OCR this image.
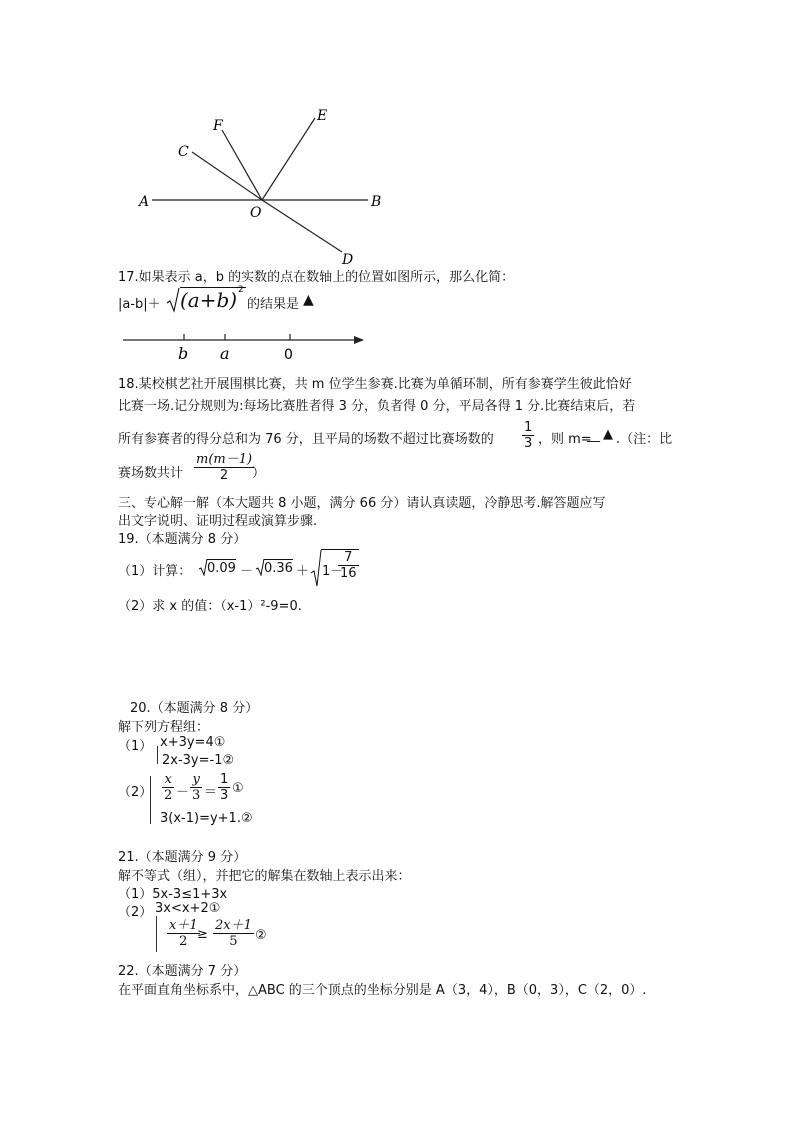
A	B
C
F
E
O
D
17.如果表示 a，b 的实数的点在数轴上的位置如图所示，那么化简：
|a-b|＋ (a+b) 2
的结果是 ▲
b a	0
18.某校棋艺社开展围棋比赛，共 m 位学生参赛.比赛为单循环制，所有参赛学生彼此恰好
比赛一场.记分规则为:每场比赛胜者得 3 分，负者得 0 分，平局各得 1 分.比赛结束后，若
所有参赛者的得分总和为 76 分，且平局的场数不超过比赛场数的 $\frac{1}{3}$ ，则 m=
__ ▲ .（注：比
赛场数共计 $\frac{m(m-1)}{2}$
）
三、专心解一解（本大题共 8 小题，满分 66 分）请认真读题，冷静思考.解答题应写
出文字说明、证明过程或演算步骤.
19.（本题满分 8 分）
（1）计算： 0.09 － 0.36 ＋ 1－
$\frac{7}{16}$
（2）求 x 的值：（x-1）²-9=0.
20.（本题满分 8 分）
解下列方程组：
（1） x+3y=4①
2x-3y=-1②
$(2) \frac{x}{2} - \frac{y}{3} = \frac{1}{3}$ ①
3(x-1)=y+1.②
21.（本题满分 9 分）
解不等式（组），并把它的解集在数轴上表示出来：
（1）5x-3≤1+3x
（2） 3x<x+2①
$\frac{x+1}{2}$
≥ $\frac{2x+1}{5}$ ②
22.（本题满分 7 分）
在平面直角坐标系中，△ABC 的三个顶点的坐标分别是 A（3，4），B（0，3），C（2，0）.
